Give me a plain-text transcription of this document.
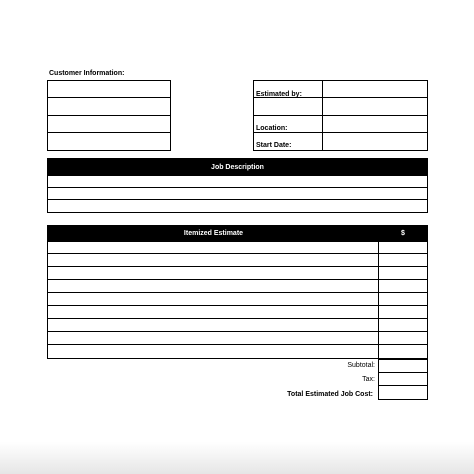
Customer Information:
Estimated by:
Location:
Start Date:
Job Description
Itemized Estimate	$
Subtotal:
Tax:
Total Estimated Job Cost:
